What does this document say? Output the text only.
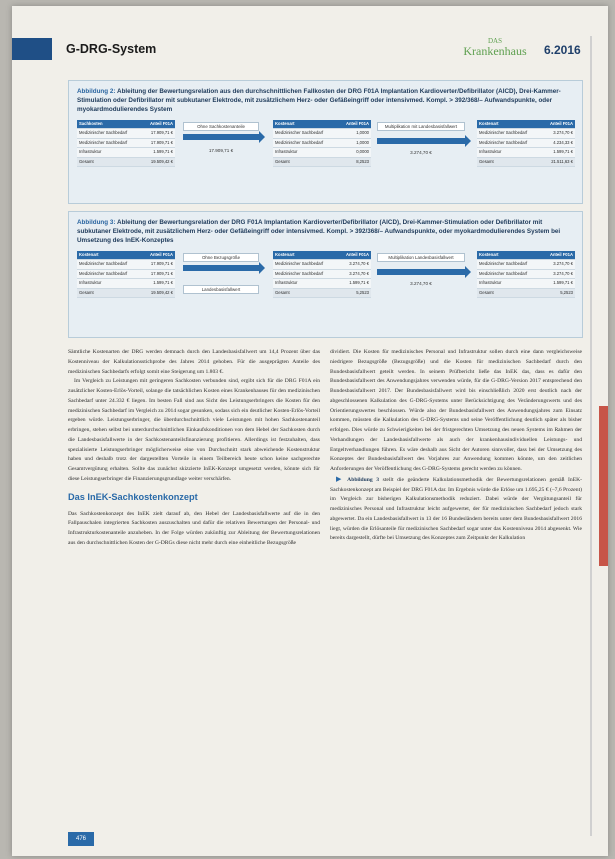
G-DRG-System
DAS
Krankenhaus 6.2016
Abbildung 2: Ableitung der Bewertungsrelation aus den durchschnittlichen Fallkosten der DRG F01A Implantation Kardioverter/Defibrillator (AICD), Drei-Kammer-Stimulation oder Defibrillator mit subkutaner Elektrode, mit zusätzlichem Herz- oder Gefäßeingriff oder intensivmed. Kompl. > 392/368/– Aufwandspunkte, oder myokardmodulierendes System
Sachkosten	Anteil F01A
Medizinischer Sachbedarf	17.909,71 €
Medizinischer Sachbedarf	17.909,71 €
Infrastruktur	1.599,71 €
Gesamt	19.509,42 €
Ohne Sachkostenanteile
17.909,71 €
Kostenart	Anteil F01A
Medizinischer Sachbedarf	1,0000
Medizinischer Sachbedarf	1,0000
Infrastruktur	0,0000
Gesamt	8,2523
Multiplikation mit Landesbasisfallwert
3.274,70 €
Kostenart	Anteil F01A
Medizinischer Sachbedarf	3.274,70 €
Medizinischer Sachbedarf	4.234,33 €
Infrastruktur	1.599,71 €
Gesamt	21.511,63 €
Abbildung 3: Ableitung der Bewertungsrelation der DRG F01A Implantation Kardioverter/Defibrillator (AICD), Drei-Kammer-Stimulation oder Defibrillator mit subkutaner Elektrode, mit zusätzlichem Herz- oder Gefäßeingriff oder intensivmed. Kompl. > 392/368/– Aufwandspunkte, oder myokardmodulierendes System bei Umsetzung des InEK-Konzeptes
Kostenart	Anteil F01A
Medizinischer Sachbedarf	17.909,71 €
Medizinischer Sachbedarf	17.909,71 €
Infrastruktur	1.599,71 €
Gesamt	19.509,42 €
Ohne Bezugsgröße
Landesbasisfallwert
Kostenart	Anteil F01A
Medizinischer Sachbedarf	3.274,70 €
Medizinischer Sachbedarf	3.274,70 €
Infrastruktur	1.599,71 €
Gesamt	5,2523
Multiplikation Landesbasisfallwert
3.274,70 €
Kostenart	Anteil F01A
Medizinischer Sachbedarf	3.274,70 €
Medizinischer Sachbedarf	3.274,70 €
Infrastruktur	1.599,71 €
Gesamt	5,2523

Sämtliche Kostenarten der DRG werden demnach durch den Landesbasisfallwert um 14,4 Prozent über das Kostenniveau der Kalkulationsstichprobe des Jahres 2014 gehoben. Für die ausgeprägten Anteile des medizinischen Sachbedarfs erfolgt somit eine Steigerung um 1.803 €.

Im Vergleich zu Leistungen mit geringeren Sachkosten verbunden sind, ergibt sich für die DRG F01A ein zusätzlicher Kosten-Erlös-Vorteil, solange die tatsächlichen Kosten eines Krankenhauses für den medizinischen Sachbedarf unter 24.332 € liegen. Im besten Fall sind aus Sicht des Leistungserbringers die Kosten für den medizinischen Sachbedarf im Vergleich zu 2014 sogar gesunken, sodass sich ein deutlicher Kosten-Erlös-Vorteil ergeben würde. Leistungserbringer, die überdurchschnittlich viele Leistungen mit hohen Sachkostenanteil erbringen, stehen selbst bei unterdurchschnittlichen Einkaufskonditionen von dem Hebel der Sachkosten durch die Landesbasisfallwerte in der Sachkostenanteilsfinanzierung profitieren. Allerdings ist festzuhalten, dass spezialisierte Leistungserbringer möglicherweise eine von Durchschnitt stark abweichende Kostenstruktur haben und deshalb trotz der dargestellten Vorteile in einem Teilbereich heute schon keine sachgerechte Gesamtvergütung erhalten. Sollte das zunächst skizzierte InEK-Konzept umgesetzt werden, könnte sich für diese Leistungserbringer die Finanzierungsgrundlage weiter verschärfen.

Das InEK-Sachkostenkonzept

Das Sachkostenkonzept des InEK zielt darauf ab, den Hebel der Landesbasisfallwerte auf die in den Fallpauschalen integrierten Sachkosten auszuschalten und dafür die relativen Bewertungen der Personal- und Infrastrukturkostenanteile anzuheben. In der Folge würden zukünftig zur Ableitung der Bewertungsrelationen aus den durchschnittlichen Kosten der G-DRGs diese nicht mehr durch eine einheitliche Bezugsgröße

dividiert. Die Kosten für medizinisches Personal und Infrastruktur sollen durch eine dann vergleichsweise niedrigere Bezugsgröße (Bezugsgröße) und die Kosten für medizinischen Sachbedarf durch den Bundesbasisfallwert geteilt werden. In seinem Prüfbericht ließe das InEK das, dass es dafür den Bundesbasisfallwert des Anwendungsjahres verwenden würde, für die G-DRG-Version 2017 entsprechend den Bundesbasisfallwert 2017. Der Bundesbasisfallwert wird bis einschließlich 2020 erst deutlich nach der abgeschlossenen Kalkulation des G-DRG-Systems unter Berücksichtigung des Veränderungswerts und des Orientierungswertes beschlossen. Würde also der Bundesbasisfallwert des Anwendungsjahres zum Einsatz kommen, müssten die Kalkulation des G-DRG-Systems und seine Veröffentlichung deutlich später als bisher erfolgen. Dies würde zu Schwierigkeiten bei der fristgerechten Umsetzung des neuen Systems im Rahmen der Verhandlungen der Landesbasisfallwerte als auch der krankenhausindividuellen Leistungs- und Entgeltverhandlungen führen. Es wäre deshalb aus Sicht der Autoren sinnvoller, dass bei der Umsetzung des Konzeptes der Bundesbasisfallwert des Vorjahres zur Anwendung kommen könnte, um den zeitlichen Anforderungen der Veröffentlichung des G-DRG-Systems gerecht werden zu können.

▶ Abbildung 3 stellt die geänderte Kalkulationsmethodik der Bewertungsrelationen gemäß InEK-Sachkostenkonzept am Beispiel der DRG F01A dar. Im Ergebnis würde die Erlöse um 1.695,25 € (–7,6 Prozent) im Vergleich zur bisherigen Kalkulationsmethodik reduziert. Dabei würde der Vergütungsanteil für medizinisches Personal und Infrastruktur leicht aufgewertet, der für medizinischen Sachbedarf jedoch stark abgewertet. Da ein Landesbasisfallwert in 13 der 16 Bundesländern bereits unter dem Bundesbasisfallwert 2016 liegt, würden die Erlösanteile für medizinischen Sachbedarf sogar unter das Kostenniveau 2014 abgesenkt. Wie bereits dargestellt, dürfte bei Umsetzung des Konzeptes zum Zeitpunkt der Kalkulation

476
